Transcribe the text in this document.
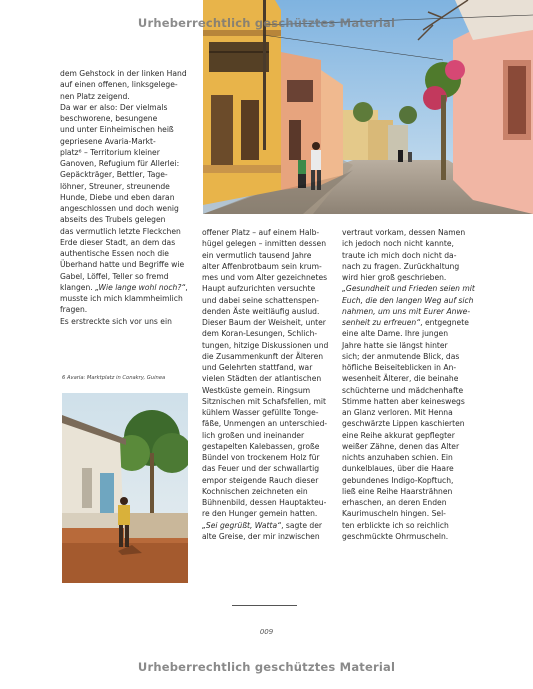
Urheberrechtlich geschütztes Material
dem Gehstock in der linken Hand
auf einen offenen, linksgelege-
nen Platz zeigend.
Da war er also: Der vielmals
beschworene, besungene
und unter Einheimischen heiß
gepriesene Avaria-Markt-
platz⁶ – Territorium kleiner
Ganoven, Refugium für Allerlei:
Gepäckträger, Bettler, Tage-
löhner, Streuner, streunende
Hunde, Diebe und eben daran
angeschlossen und doch wenig
abseits des Trubels gelegen
das vermutlich letzte Fleckchen
Erde dieser Stadt, an dem das
authentische Essen noch die
Überhand hatte und Begriffe wie
Gabel, Löffel, Teller so fremd
klangen. „Wie lange wohl noch?“,
musste ich mich klammheimlich
fragen.
Es erstreckte sich vor uns ein
6 Avaria: Marktplatz in Conakry, Guinea
offener Platz – auf einem Halb-
hügel gelegen – inmitten dessen
ein vermutlich tausend Jahre
alter Affenbrotbaum sein krum-
mes und vom Alter gezeichnetes
Haupt aufzurichten versuchte
und dabei seine schattenspen-
denden Äste weitläufig auslud.
Dieser Baum der Weisheit, unter
dem Koran-Lesungen, Schlich-
tungen, hitzige Diskussionen und
die Zusammenkunft der Älteren
und Gelehrten stattfand, war
vielen Städten der atlantischen
Westküste gemein. Ringsum
Sitznischen mit Schafsfellen, mit
kühlem Wasser gefüllte Tonge-
fäße, Unmengen an unterschied-
lich großen und ineinander
gestapelten Kalebassen, große
Bündel von trockenem Holz für
das Feuer und der schwallartig
empor steigende Rauch dieser
Kochnischen zeichneten ein
Bühnenbild, dessen Hauptakteu-
re den Hunger gemein hatten.
„Sei gegrüßt, Watta“, sagte der
alte Greise, der mir inzwischen
vertraut vorkam, dessen Namen
ich jedoch noch nicht kannte,
traute ich mich doch nicht da-
nach zu fragen. Zurückhaltung
wird hier groß geschrieben.
„Gesundheit und Frieden seien mit
Euch, die den langen Weg auf sich
nahmen, um uns mit Eurer Anwe-
senheit zu erfreuen“, entgegnete
eine alte Dame. Ihre jungen
Jahre hatte sie längst hinter
sich; der anmutende Blick, das
höfliche Beiseiteblicken in An-
wesenheit Älterer, die beinahe
schüchterne und mädchenhafte
Stimme hatten aber keineswegs
an Glanz verloren. Mit Henna
geschwärzte Lippen kaschierten
eine Reihe akkurat gepflegter
weißer Zähne, denen das Alter
nichts anzuhaben schien. Ein
dunkelblaues, über die Haare
gebundenes Indigo-Kopftuch,
ließ eine Reihe Haarsträhnen
erhaschen, an deren Enden
Kaurimuscheln hingen. Sel-
ten erblickte ich so reichlich
geschmückte Ohrmuscheln.
009
Urheberrechtlich geschütztes Material
